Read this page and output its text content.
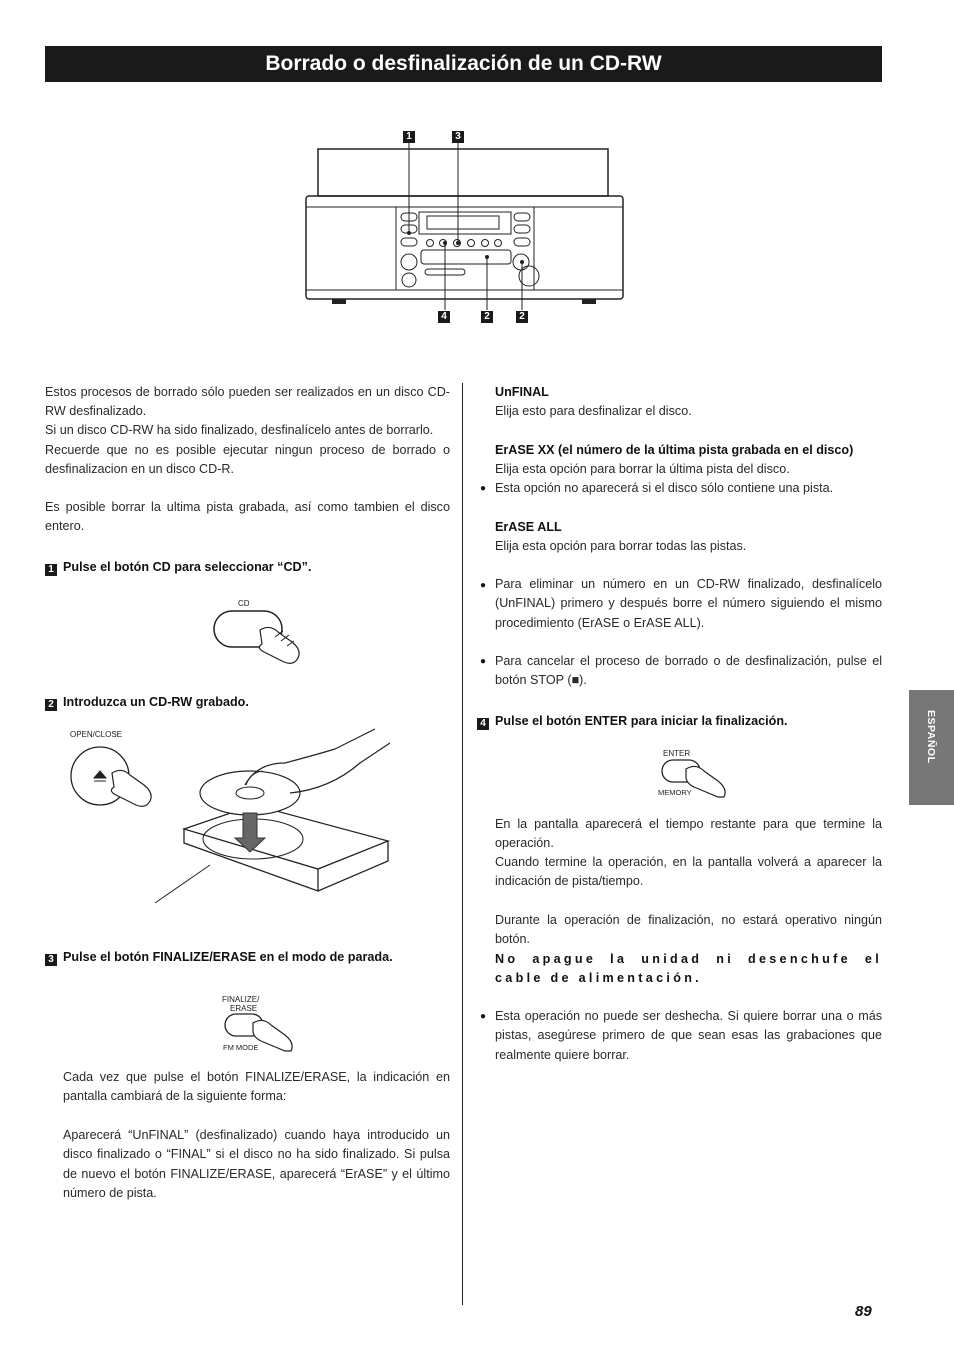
Borrado o desfinalización de un CD-RW
1	3
4	2	2
Estos procesos de borrado sólo pueden ser realizados en un disco CD-RW desfinalizado.
Si un disco CD-RW ha sido finalizado, desfinalícelo antes de borrarlo.
Recuerde que no es posible ejecutar ningun proceso de borrado o desfinalizacion en un disco CD-R.
Es posible borrar la ultima pista grabada, así como tambien el disco entero.
1 Pulse el botón CD para seleccionar “CD”.
CD
2 Introduzca un CD-RW grabado.
OPEN/CLOSE
3 Pulse el botón FINALIZE/ERASE en el modo de parada.
FINALIZE/
ERASE
FM MODE
Cada vez que pulse el botón FINALIZE/ERASE, la indicación en pantalla cambiará de la siguiente forma:
Aparecerá “UnFINAL” (desfinalizado) cuando haya introducido un disco finalizado o “FINAL” si el disco no ha sido finalizado. Si pulsa de nuevo el botón FINALIZE/ERASE, aparecerá “ErASE” y el último número de pista.
UnFINAL
Elija esto para desfinalizar el disco.
ErASE XX (el número de la última pista grabada en el disco)
Elija esta opción para borrar la última pista del disco.
● Esta opción no aparecerá si el disco sólo contiene una pista.
ErASE ALL
Elija esta opción para borrar todas las pistas.
● Para eliminar un número en un CD-RW finalizado, desfinalícelo (UnFINAL) primero y después borre el número siguiendo el mismo procedimiento (ErASE o ErASE ALL).
● Para cancelar el proceso de borrado o de desfinalización, pulse el botón STOP (■).
4 Pulse el botón ENTER para iniciar la finalización.
ENTER
MEMORY
En la pantalla aparecerá el tiempo restante para que termine la operación.
Cuando termine la operación, en la pantalla volverá a aparecer la indicación de pista/tiempo.
Durante la operación de finalización, no estará operativo ningún botón.
No apague la unidad ni desenchufe el cable de alimentación.
● Esta operación no puede ser deshecha. Si quiere borrar una o más pistas, asegúrese primero de que sean esas las grabaciones que realmente quiere borrar.
ESPAÑOL
89
